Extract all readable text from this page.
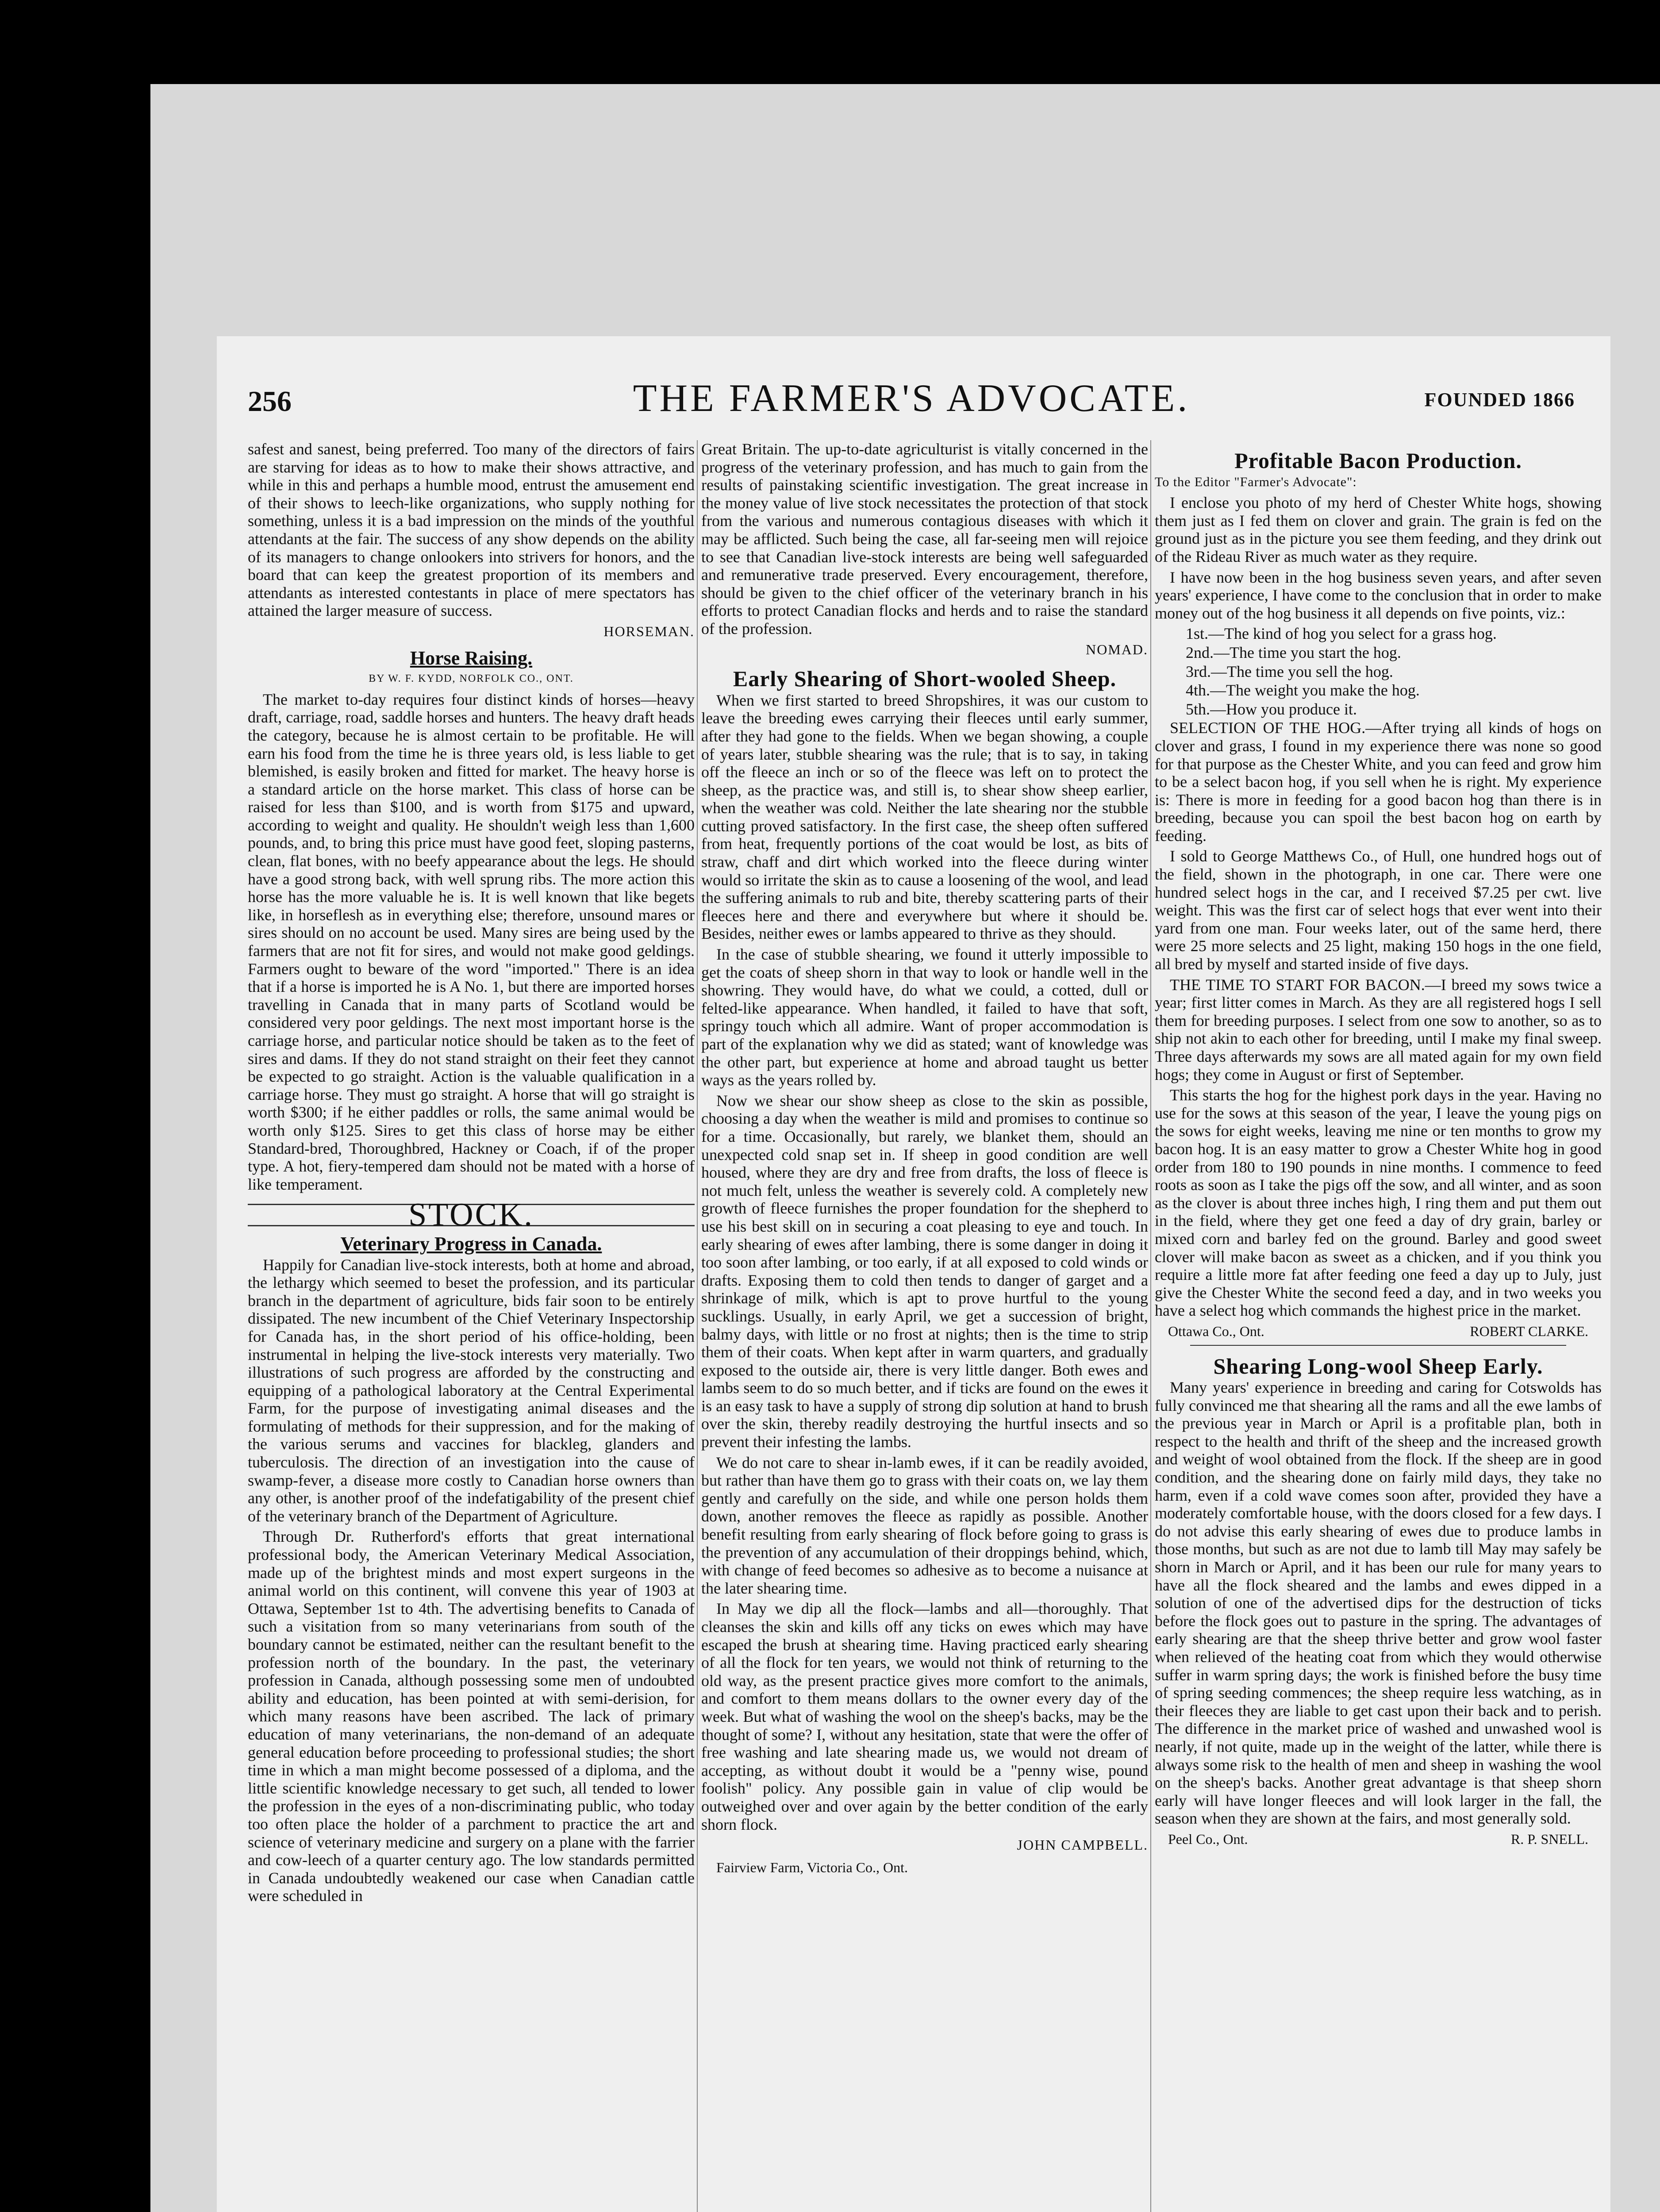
256	THE FARMER'S ADVOCATE.	FOUNDED 1866

safest and sanest, being preferred. Too many of the directors of fairs are starving for ideas as to how to make their shows attractive, and while in this and perhaps a humble mood, entrust the amusement end of their shows to leech-like organizations, who supply nothing for something, unless it is a bad impression on the minds of the youthful attendants at the fair. The success of any show depends on the ability of its managers to change onlookers into strivers for honors, and the board that can keep the greatest proportion of its members and attendants as interested contestants in place of mere spectators has attained the larger measure of success.

HORSEMAN.
Horse Raising.
BY W. F. KYDD, NORFOLK CO., ONT.

The market to-day requires four distinct kinds of horses—heavy draft, carriage, road, saddle horses and hunters. The heavy draft heads the category, because he is almost certain to be profitable. He will earn his food from the time he is three years old, is less liable to get blemished, is easily broken and fitted for market. The heavy horse is a standard article on the horse market. This class of horse can be raised for less than $100, and is worth from $175 and upward, according to weight and quality. He shouldn't weigh less than 1,600 pounds, and, to bring this price must have good feet, sloping pasterns, clean, flat bones, with no beefy appearance about the legs. He should have a good strong back, with well sprung ribs. The more action this horse has the more valuable he is. It is well known that like begets like, in horseflesh as in everything else; therefore, unsound mares or sires should on no account be used. Many sires are being used by the farmers that are not fit for sires, and would not make good geldings. Farmers ought to beware of the word "imported." There is an idea that if a horse is imported he is A No. 1, but there are imported horses travelling in Canada that in many parts of Scotland would be considered very poor geldings. The next most important horse is the carriage horse, and particular notice should be taken as to the feet of sires and dams. If they do not stand straight on their feet they cannot be expected to go straight. Action is the valuable qualification in a carriage horse. They must go straight. A horse that will go straight is worth $300; if he either paddles or rolls, the same animal would be worth only $125. Sires to get this class of horse may be either Standard-bred, Thoroughbred, Hackney or Coach, if of the proper type. A hot, fiery-tempered dam should not be mated with a horse of like temperament.

STOCK.
Veterinary Progress in Canada.

Happily for Canadian live-stock interests, both at home and abroad, the lethargy which seemed to beset the profession, and its particular branch in the department of agriculture, bids fair soon to be entirely dissipated. The new incumbent of the Chief Veterinary Inspectorship for Canada has, in the short period of his office-holding, been instrumental in helping the live-stock interests very materially. Two illustrations of such progress are afforded by the constructing and equipping of a pathological laboratory at the Central Experimental Farm, for the purpose of investigating animal diseases and the formulating of methods for their suppression, and for the making of the various serums and vaccines for blackleg, glanders and tuberculosis. The direction of an investigation into the cause of swamp-fever, a disease more costly to Canadian horse owners than any other, is another proof of the indefatigability of the present chief of the veterinary branch of the Department of Agriculture.

Through Dr. Rutherford's efforts that great international professional body, the American Veterinary Medical Association, made up of the brightest minds and most expert surgeons in the animal world on this continent, will convene this year of 1903 at Ottawa, September 1st to 4th. The advertising benefits to Canada of such a visitation from so many veterinarians from south of the boundary cannot be estimated, neither can the resultant benefit to the profession north of the boundary. In the past, the veterinary profession in Canada, although possessing some men of undoubted ability and education, has been pointed at with semi-derision, for which many reasons have been ascribed. The lack of primary education of many veterinarians, the non-demand of an adequate general education before proceeding to professional studies; the short time in which a man might become possessed of a diploma, and the little scientific knowledge necessary to get such, all tended to lower the profession in the eyes of a non-discriminating public, who today too often place the holder of a parchment to practice the art and science of veterinary medicine and surgery on a plane with the farrier and cow-leech of a quarter century ago. The low standards permitted in Canada undoubtedly weakened our case when Canadian cattle were scheduled in

Great Britain. The up-to-date agriculturist is vitally concerned in the progress of the veterinary profession, and has much to gain from the results of painstaking scientific investigation. The great increase in the money value of live stock necessitates the protection of that stock from the various and numerous contagious diseases with which it may be afflicted. Such being the case, all far-seeing men will rejoice to see that Canadian live-stock interests are being well safeguarded and remunerative trade preserved. Every encouragement, therefore, should be given to the chief officer of the veterinary branch in his efforts to protect Canadian flocks and herds and to raise the standard of the profession.

NOMAD.
Early Shearing of Short-wooled Sheep.

When we first started to breed Shropshires, it was our custom to leave the breeding ewes carrying their fleeces until early summer, after they had gone to the fields. When we began showing, a couple of years later, stubble shearing was the rule; that is to say, in taking off the fleece an inch or so of the fleece was left on to protect the sheep, as the practice was, and still is, to shear show sheep earlier, when the weather was cold. Neither the late shearing nor the stubble cutting proved satisfactory. In the first case, the sheep often suffered from heat, frequently portions of the coat would be lost, as bits of straw, chaff and dirt which worked into the fleece during winter would so irritate the skin as to cause a loosening of the wool, and lead the suffering animals to rub and bite, thereby scattering parts of their fleeces here and there and everywhere but where it should be. Besides, neither ewes or lambs appeared to thrive as they should.

In the case of stubble shearing, we found it utterly impossible to get the coats of sheep shorn in that way to look or handle well in the showring. They would have, do what we could, a cotted, dull or felted-like appearance. When handled, it failed to have that soft, springy touch which all admire. Want of proper accommodation is part of the explanation why we did as stated; want of knowledge was the other part, but experience at home and abroad taught us better ways as the years rolled by.

Now we shear our show sheep as close to the skin as possible, choosing a day when the weather is mild and promises to continue so for a time. Occasionally, but rarely, we blanket them, should an unexpected cold snap set in. If sheep in good condition are well housed, where they are dry and free from drafts, the loss of fleece is not much felt, unless the weather is severely cold. A completely new growth of fleece furnishes the proper foundation for the shepherd to use his best skill on in securing a coat pleasing to eye and touch. In early shearing of ewes after lambing, there is some danger in doing it too soon after lambing, or too early, if at all exposed to cold winds or drafts. Exposing them to cold then tends to danger of garget and a shrinkage of milk, which is apt to prove hurtful to the young sucklings. Usually, in early April, we get a succession of bright, balmy days, with little or no frost at nights; then is the time to strip them of their coats. When kept after in warm quarters, and gradually exposed to the outside air, there is very little danger. Both ewes and lambs seem to do so much better, and if ticks are found on the ewes it is an easy task to have a supply of strong dip solution at hand to brush over the skin, thereby readily destroying the hurtful insects and so prevent their infesting the lambs.

We do not care to shear in-lamb ewes, if it can be readily avoided, but rather than have them go to grass with their coats on, we lay them gently and carefully on the side, and while one person holds them down, another removes the fleece as rapidly as possible. Another benefit resulting from early shearing of flock before going to grass is the prevention of any accumulation of their droppings behind, which, with change of feed becomes so adhesive as to become a nuisance at the later shearing time.

In May we dip all the flock—lambs and all—thoroughly. That cleanses the skin and kills off any ticks on ewes which may have escaped the brush at shearing time. Having practiced early shearing of all the flock for ten years, we would not think of returning to the old way, as the present practice gives more comfort to the animals, and comfort to them means dollars to the owner every day of the week. But what of washing the wool on the sheep's backs, may be the thought of some? I, without any hesitation, state that were the offer of free washing and late shearing made us, we would not dream of accepting, as without doubt it would be a "penny wise, pound foolish" policy. Any possible gain in value of clip would be outweighed over and over again by the better condition of the early shorn flock.

JOHN CAMPBELL.

Fairview Farm, Victoria Co., Ont.

Profitable Bacon Production.

To the Editor "Farmer's Advocate":

I enclose you photo of my herd of Chester White hogs, showing them just as I fed them on clover and grain. The grain is fed on the ground just as in the picture you see them feeding, and they drink out of the Rideau River as much water as they require.

I have now been in the hog business seven years, and after seven years' experience, I have come to the conclusion that in order to make money out of the hog business it all depends on five points, viz.:

1st.—The kind of hog you select for a grass hog.

2nd.—The time you start the hog.

3rd.—The time you sell the hog.

4th.—The weight you make the hog.

5th.—How you produce it.

SELECTION OF THE HOG.—After trying all kinds of hogs on clover and grass, I found in my experience there was none so good for that purpose as the Chester White, and you can feed and grow him to be a select bacon hog, if you sell when he is right. My experience is: There is more in feeding for a good bacon hog than there is in breeding, because you can spoil the best bacon hog on earth by feeding.

I sold to George Matthews Co., of Hull, one hundred hogs out of the field, shown in the photograph, in one car. There were one hundred select hogs in the car, and I received $7.25 per cwt. live weight. This was the first car of select hogs that ever went into their yard from one man. Four weeks later, out of the same herd, there were 25 more selects and 25 light, making 150 hogs in the one field, all bred by myself and started inside of five days.

THE TIME TO START FOR BACON.—I breed my sows twice a year; first litter comes in March. As they are all registered hogs I sell them for breeding purposes. I select from one sow to another, so as to ship not akin to each other for breeding, until I make my final sweep. Three days afterwards my sows are all mated again for my own field hogs; they come in August or first of September.

This starts the hog for the highest pork days in the year. Having no use for the sows at this season of the year, I leave the young pigs on the sows for eight weeks, leaving me nine or ten months to grow my bacon hog. It is an easy matter to grow a Chester White hog in good order from 180 to 190 pounds in nine months. I commence to feed roots as soon as I take the pigs off the sow, and all winter, and as soon as the clover is about three inches high, I ring them and put them out in the field, where they get one feed a day of dry grain, barley or mixed corn and barley fed on the ground. Barley and good sweet clover will make bacon as sweet as a chicken, and if you think you require a little more fat after feeding one feed a day up to July, just give the Chester White the second feed a day, and in two weeks you have a select hog which commands the highest price in the market.

Ottawa Co., Ont.	ROBERT CLARKE.
Shearing Long-wool Sheep Early.

Many years' experience in breeding and caring for Cotswolds has fully convinced me that shearing all the rams and all the ewe lambs of the previous year in March or April is a profitable plan, both in respect to the health and thrift of the sheep and the increased growth and weight of wool obtained from the flock. If the sheep are in good condition, and the shearing done on fairly mild days, they take no harm, even if a cold wave comes soon after, provided they have a moderately comfortable house, with the doors closed for a few days. I do not advise this early shearing of ewes due to produce lambs in those months, but such as are not due to lamb till May may safely be shorn in March or April, and it has been our rule for many years to have all the flock sheared and the lambs and ewes dipped in a solution of one of the advertised dips for the destruction of ticks before the flock goes out to pasture in the spring. The advantages of early shearing are that the sheep thrive better and grow wool faster when relieved of the heating coat from which they would otherwise suffer in warm spring days; the work is finished before the busy time of spring seeding commences; the sheep require less watching, as in their fleeces they are liable to get cast upon their back and to perish. The difference in the market price of washed and unwashed wool is nearly, if not quite, made up in the weight of the latter, while there is always some risk to the health of men and sheep in washing the wool on the sheep's backs. Another great advantage is that sheep shorn early will have longer fleeces and will look larger in the fall, the season when they are shown at the fairs, and most generally sold.

Peel Co., Ont.	R. P. SNELL.
